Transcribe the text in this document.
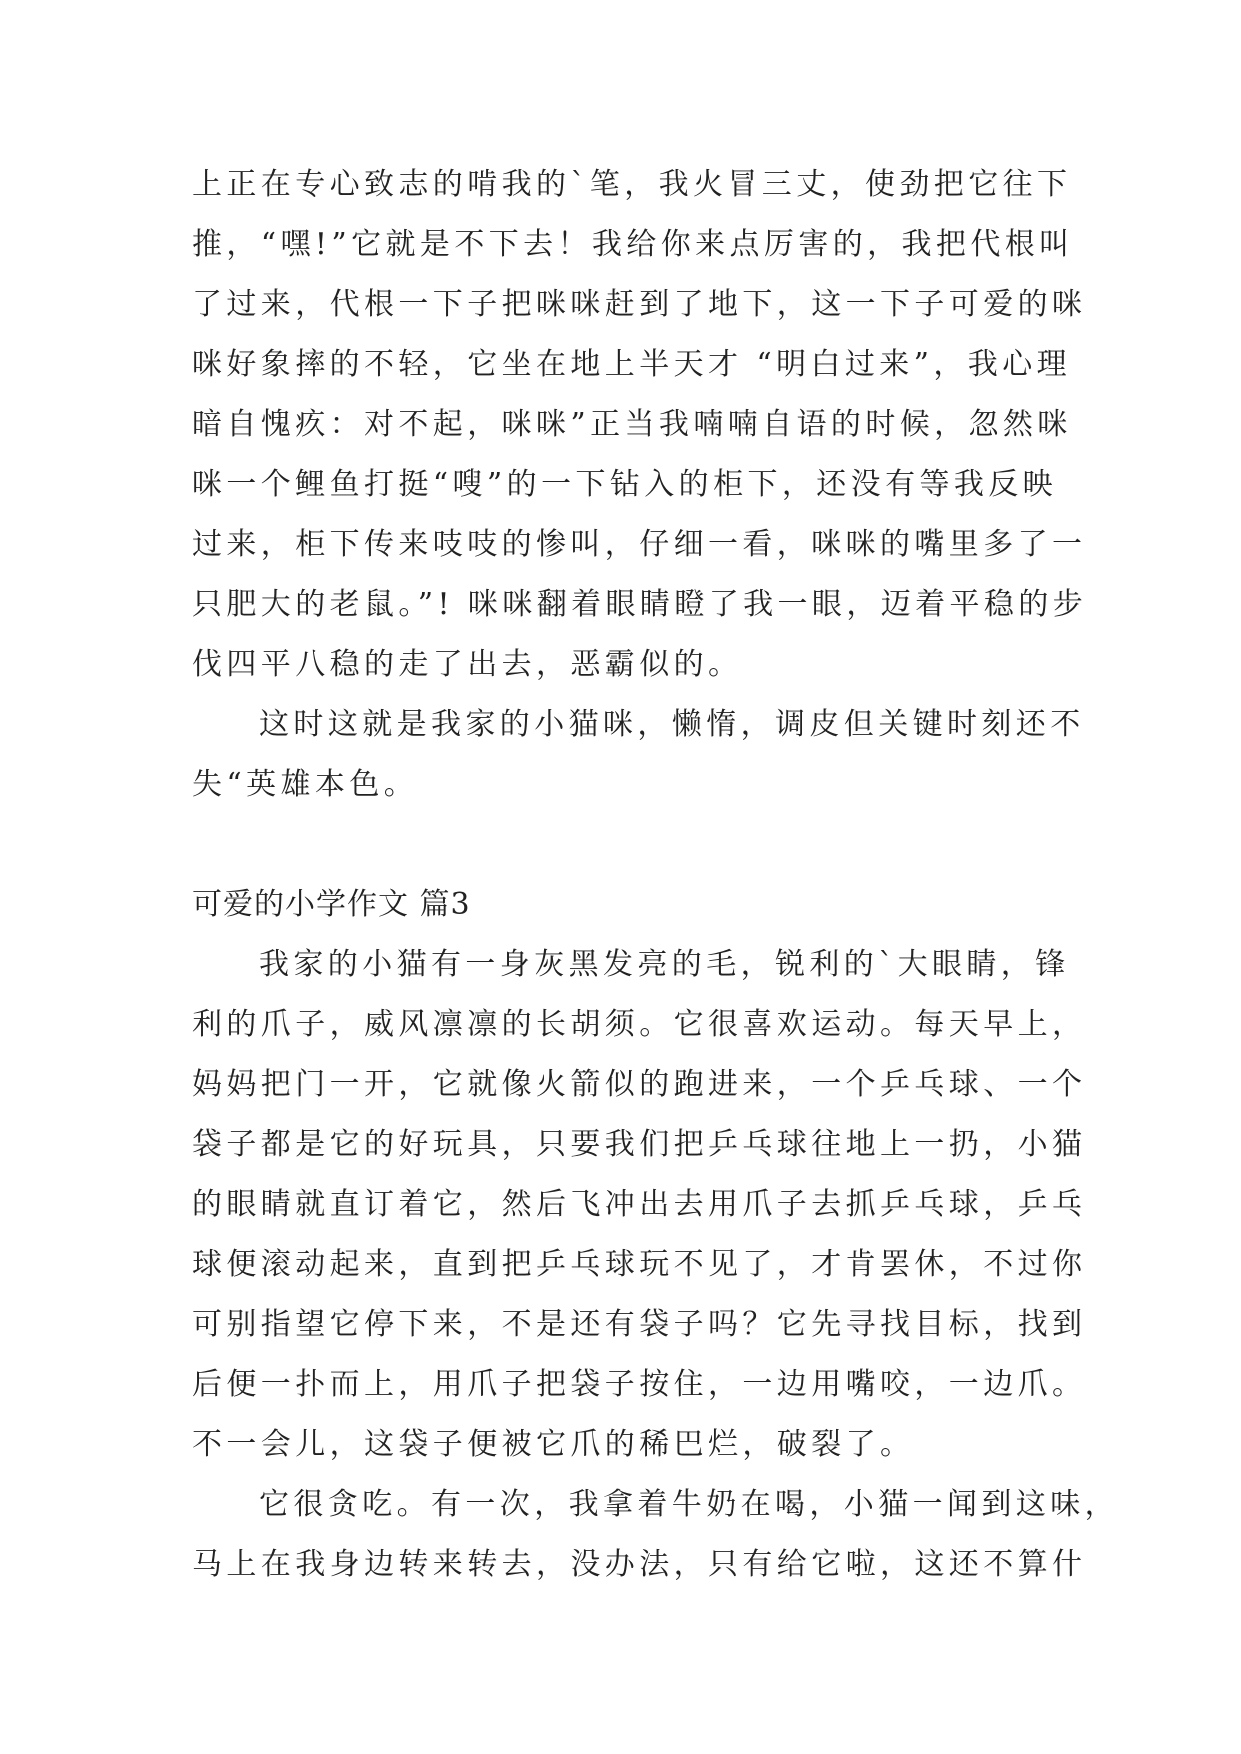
上正在专心致志的啃我的`笔，我火冒三丈，使劲把它往下
推，“嘿!”它就是不下去！我给你来点厉害的，我把代根叫
了过来，代根一下子把咪咪赶到了地下，这一下子可爱的咪
咪好象摔的不轻，它坐在地上半天才 “明白过来”，我心理
暗自愧疚：对不起，咪咪”正当我喃喃自语的时候，忽然咪
咪一个鲤鱼打挺“嗖”的一下钻入的柜下，还没有等我反映
过来，柜下传来吱吱的惨叫，仔细一看，咪咪的嘴里多了一
只肥大的老鼠。”! 咪咪翻着眼睛瞪了我一眼，迈着平稳的步
伐四平八稳的走了出去，恶霸似的。
这时这就是我家的小猫咪，懒惰，调皮但关键时刻还不
失“英雄本色。
可爱的小学作文 篇3
我家的小猫有一身灰黑发亮的毛，锐利的`大眼睛，锋
利的爪子，威风凛凛的长胡须。它很喜欢运动。每天早上，
妈妈把门一开，它就像火箭似的跑进来，一个乒乓球、一个
袋子都是它的好玩具，只要我们把乒乓球往地上一扔，小猫
的眼睛就直订着它，然后飞冲出去用爪子去抓乒乓球，乒乓
球便滚动起来，直到把乒乓球玩不见了，才肯罢休，不过你
可别指望它停下来，不是还有袋子吗？它先寻找目标，找到
后便一扑而上，用爪子把袋子按住，一边用嘴咬，一边爪。
不一会儿，这袋子便被它爪的稀巴烂，破裂了。
它很贪吃。有一次，我拿着牛奶在喝，小猫一闻到这味，
马上在我身边转来转去，没办法，只有给它啦，这还不算什
